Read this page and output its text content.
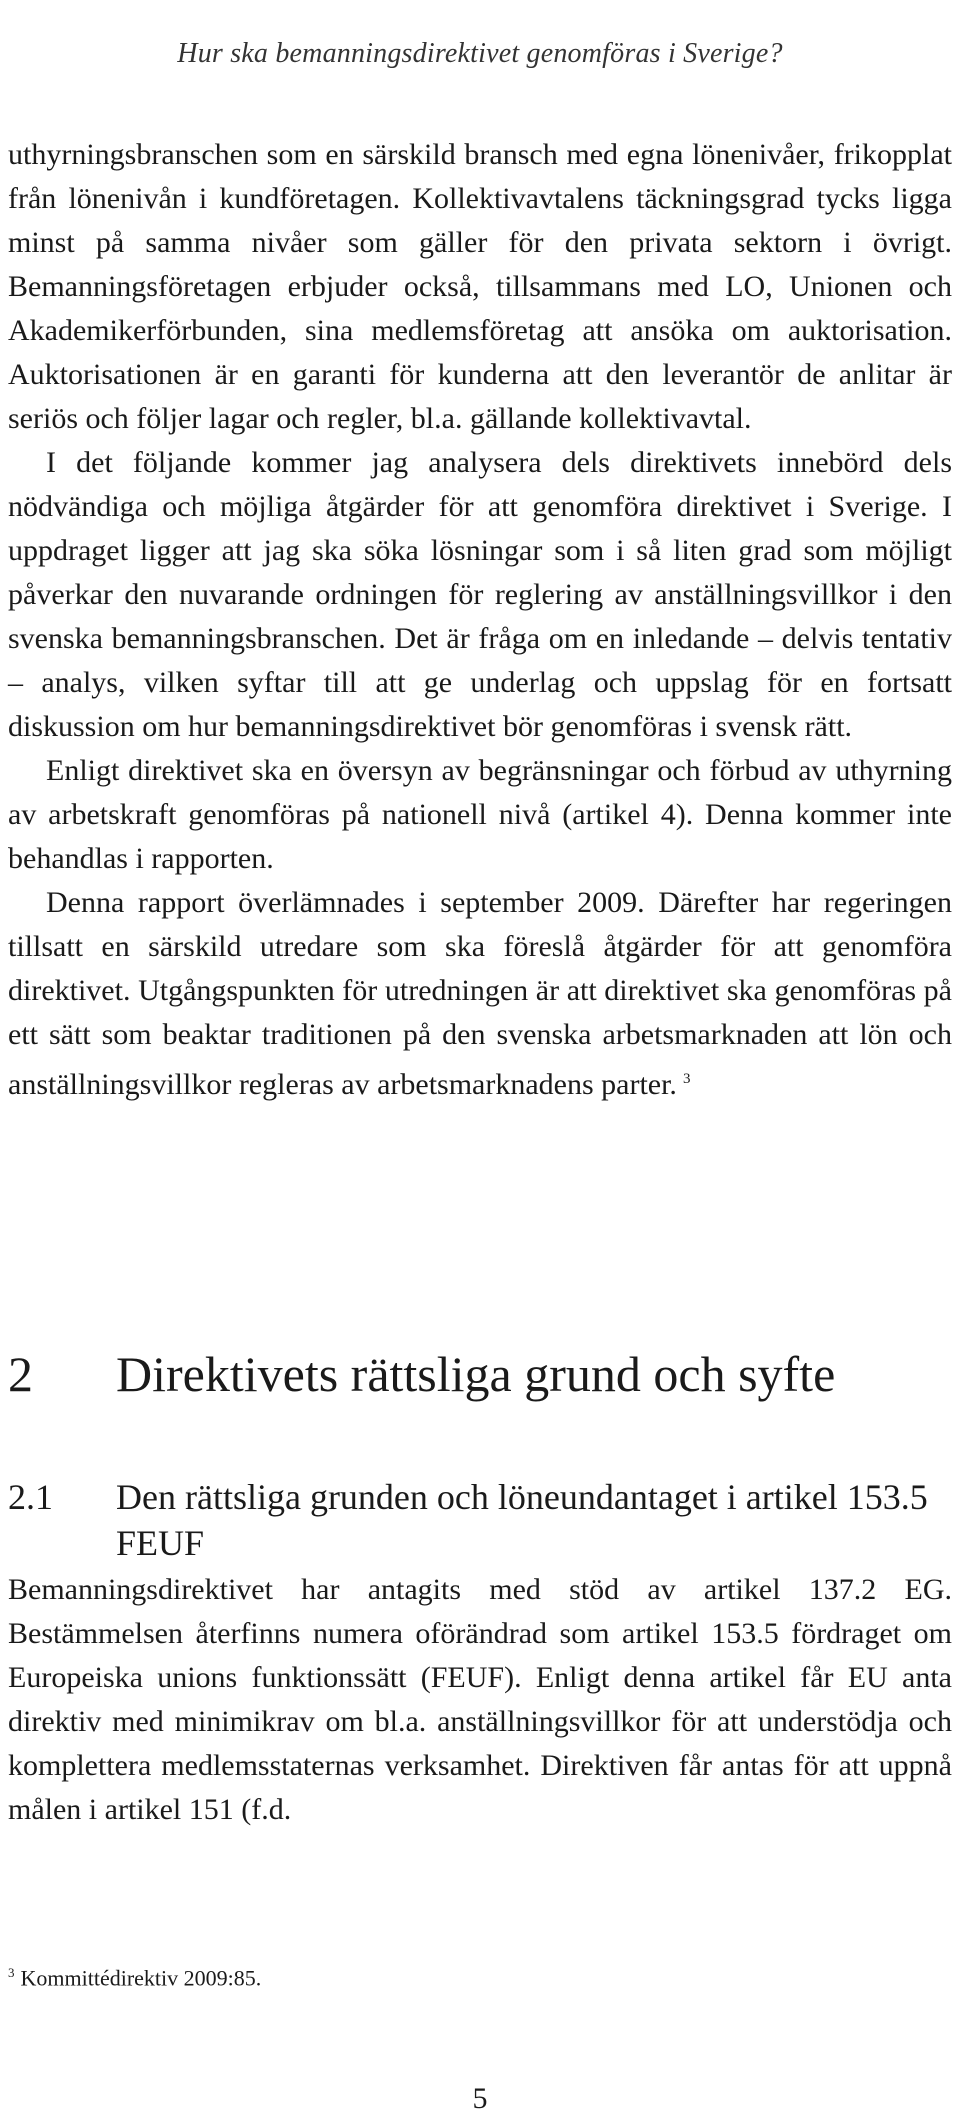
Hur ska bemanningsdirektivet genomföras i Sverige?

uthyrningsbranschen som en särskild bransch med egna lönenivåer, frikopplat från lönenivån i kundföretagen. Kollektivavtalens täckningsgrad tycks ligga minst på samma nivåer som gäller för den privata sektorn i övrigt. Bemanningsföretagen erbjuder också, tillsammans med LO, Unionen och Akademikerförbunden, sina medlemsföretag att ansöka om auktorisation. Auktorisationen är en garanti för kunderna att den leverantör de anlitar är seriös och följer lagar och regler, bl.a. gällande kollektivavtal.

I det följande kommer jag analysera dels direktivets innebörd dels nödvändiga och möjliga åtgärder för att genomföra direktivet i Sverige. I uppdraget ligger att jag ska söka lösningar som i så liten grad som möjligt påverkar den nuvarande ordningen för reglering av anställningsvillkor i den svenska bemanningsbranschen. Det är fråga om en inledande – delvis tentativ – analys, vilken syftar till att ge underlag och uppslag för en fortsatt diskussion om hur bemanningsdirektivet bör genomföras i svensk rätt.

Enligt direktivet ska en översyn av begränsningar och förbud av uthyrning av arbetskraft genomföras på nationell nivå (artikel 4). Denna kommer inte behandlas i rapporten.

Denna rapport överlämnades i september 2009. Därefter har regeringen tillsatt en särskild utredare som ska föreslå åtgärder för att genomföra direktivet. Utgångspunkten för utredningen är att direktivet ska genomföras på ett sätt som beaktar traditionen på den svenska arbetsmarknaden att lön och anställningsvillkor regleras av arbetsmarknadens parter. $^3$

2	Direktivets rättsliga grund och syfte
2.1	Den rättsliga grunden och löneundantaget i artikel 153.5 FEUF

Bemanningsdirektivet har antagits med stöd av artikel 137.2 EG. Bestämmelsen återfinns numera oförändrad som artikel 153.5 fördraget om Europeiska unions funktionssätt (FEUF). Enligt denna artikel får EU anta direktiv med minimikrav om bl.a. anställningsvillkor för att understödja och komplettera medlemsstaternas verksamhet. Direktiven får antas för att uppnå målen i artikel 151 (f.d.

$^3$ Kommittédirektiv 2009:85.
5
